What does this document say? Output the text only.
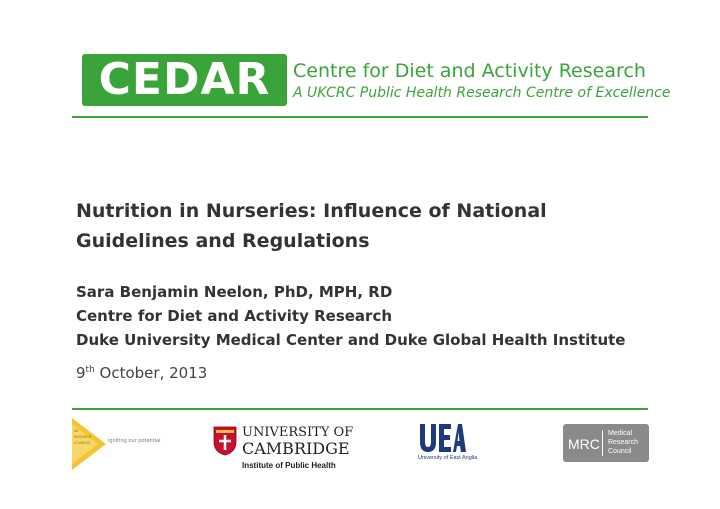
CEDAR	Centre for Diet and Activity Research
A UKCRC Public Health Research Centre of Excellence
Nutrition in Nurseries: Influence of National Guidelines and Regulations
Sara Benjamin Neelon, PhD, MPH, RD
Centre for Diet and Activity Research
Duke University Medical Center and Duke Global Health Institute
9th October, 2013
UK
RESEARCH
COUNCILS	igniting our potential
UNIVERSITY OF
CAMBRIDGE
Institute of Public Health
University of East Anglia
MRC
Medical
Research
Council
